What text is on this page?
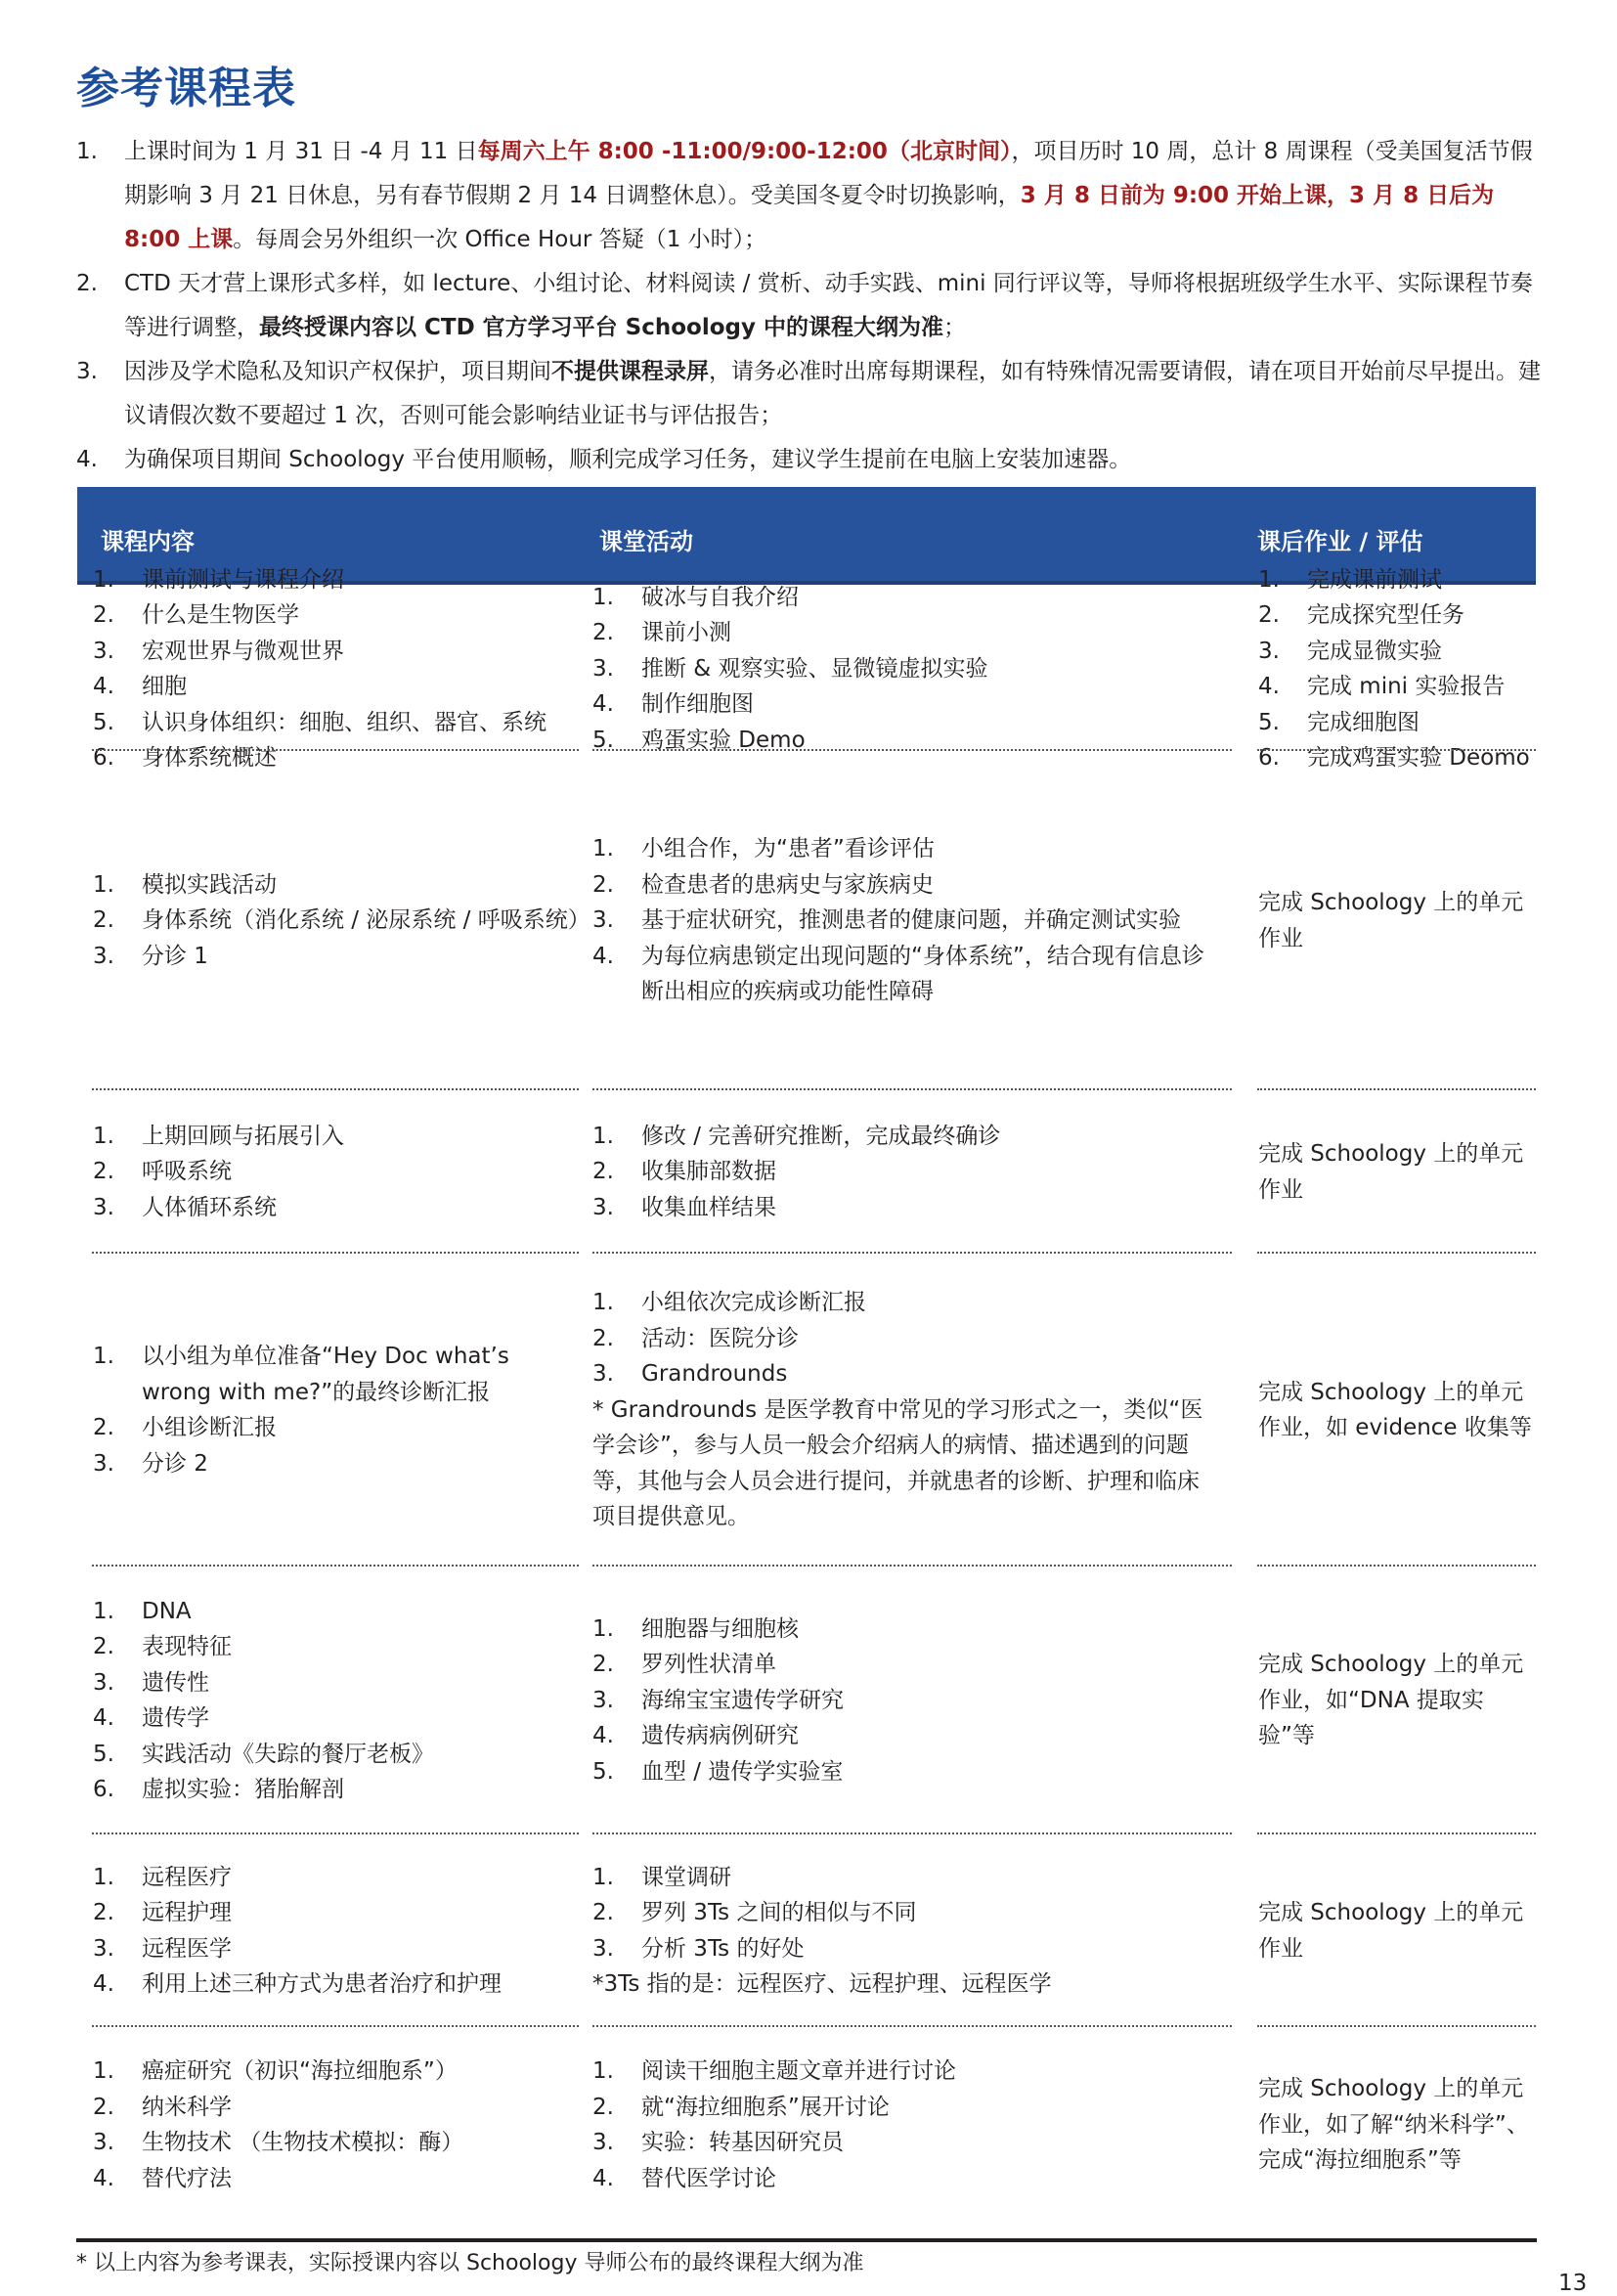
参考课程表
1. 上课时间为 1 月 31 日 -4 月 11 日每周六上午 8:00 -11:00/9:00-12:00（北京时间），项目历时 10 周，总计 8 周课程（受美国复活节假期影响 3 月 21 日休息，另有春节假期 2 月 14 日调整休息）。受美国冬夏令时切换影响，3 月 8 日前为 9:00 开始上课，3 月 8 日后为 8:00 上课。每周会另外组织一次 Office Hour 答疑（1 小时）；
2. CTD 天才营上课形式多样，如 lecture、小组讨论、材料阅读 / 赏析、动手实践、mini 同行评议等，导师将根据班级学生水平、实际课程节奏等进行调整，最终授课内容以 CTD 官方学习平台 Schoology 中的课程大纲为准；
3. 因涉及学术隐私及知识产权保护，项目期间不提供课程录屏，请务必准时出席每期课程，如有特殊情况需要请假，请在项目开始前尽早提出。建议请假次数不要超过 1 次，否则可能会影响结业证书与评估报告；
4. 为确保项目期间 Schoology 平台使用顺畅，顺利完成学习任务，建议学生提前在电脑上安装加速器。
课程内容	课堂活动	课后作业 / 评估
1. 课前测试与课程介绍
2. 什么是生物医学
3. 宏观世界与微观世界
4. 细胞
5. 认识身体组织：细胞、组织、器官、系统
6. 身体系统概述
1. 破冰与自我介绍
2. 课前小测
3. 推断 & 观察实验、显微镜虚拟实验
4. 制作细胞图
5. 鸡蛋实验 Demo
1. 完成课前测试
2. 完成探究型任务
3. 完成显微实验
4. 完成 mini 实验报告
5. 完成细胞图
6. 完成鸡蛋实验 Deomo
1. 模拟实践活动
2. 身体系统（消化系统 / 泌尿系统 / 呼吸系统）
3. 分诊 1
1. 小组合作，为“患者”看诊评估
2. 检查患者的患病史与家族病史
3. 基于症状研究，推测患者的健康问题，并确定测试实验
4. 为每位病患锁定出现问题的“身体系统”，结合现有信息诊断出相应的疾病或功能性障碍
完成 Schoology 上的单元作业
1. 上期回顾与拓展引入
2. 呼吸系统
3. 人体循环系统
1. 修改 / 完善研究推断，完成最终确诊
2. 收集肺部数据
3. 收集血样结果
完成 Schoology 上的单元作业
1. 以小组为单位准备“Hey Doc what’s wrong with me?”的最终诊断汇报
2. 小组诊断汇报
3. 分诊 2
1. 小组依次完成诊断汇报
2. 活动：医院分诊
3. Grandrounds
* Grandrounds 是医学教育中常见的学习形式之一，类似“医学会诊”，参与人员一般会介绍病人的病情、描述遇到的问题等，其他与会人员会进行提问，并就患者的诊断、护理和临床项目提供意见。
完成 Schoology 上的单元作业，如 evidence 收集等
1. DNA
2. 表现特征
3. 遗传性
4. 遗传学
5. 实践活动《失踪的餐厅老板》
6. 虚拟实验：猪胎解剖
1. 细胞器与细胞核
2. 罗列性状清单
3. 海绵宝宝遗传学研究
4. 遗传病病例研究
5. 血型 / 遗传学实验室
完成 Schoology 上的单元作业，如“DNA 提取实验”等
1. 远程医疗
2. 远程护理
3. 远程医学
4. 利用上述三种方式为患者治疗和护理
1. 课堂调研
2. 罗列 3Ts 之间的相似与不同
3. 分析 3Ts 的好处
*3Ts 指的是：远程医疗、远程护理、远程医学
完成 Schoology 上的单元作业
1. 癌症研究（初识“海拉细胞系”）
2. 纳米科学
3. 生物技术 （生物技术模拟：酶）
4. 替代疗法
1. 阅读干细胞主题文章并进行讨论
2. 就“海拉细胞系”展开讨论
3. 实验：转基因研究员
4. 替代医学讨论
完成 Schoology 上的单元作业，如了解“纳米科学”、完成“海拉细胞系”等
* 以上内容为参考课表，实际授课内容以 Schoology 导师公布的最终课程大纲为准
13
